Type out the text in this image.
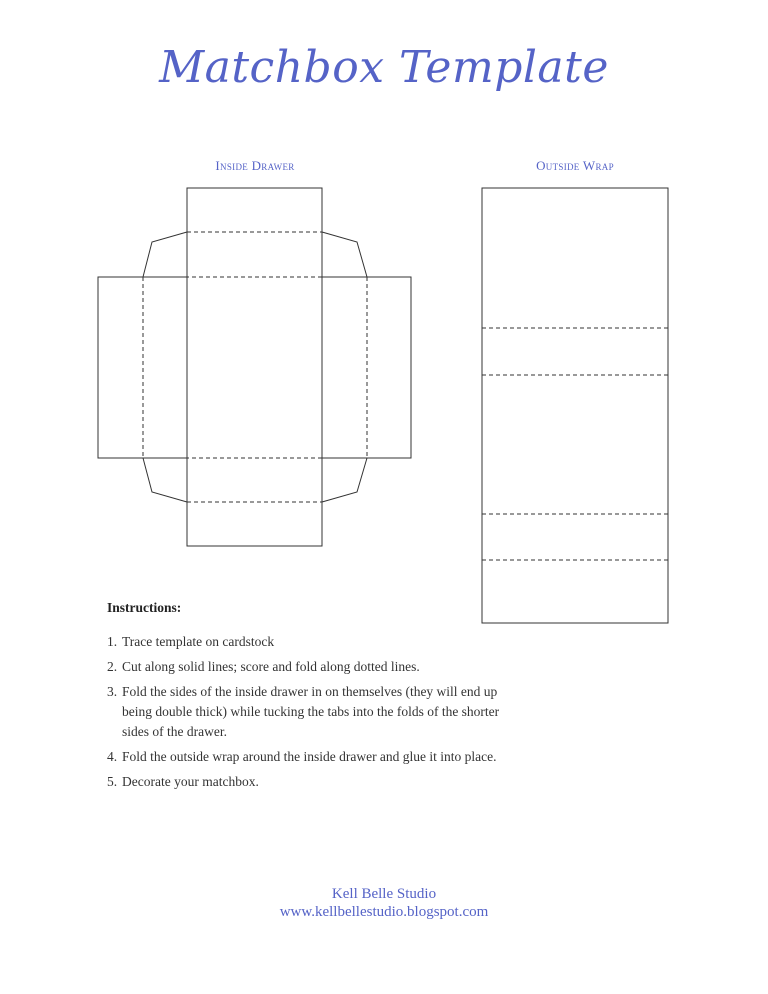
Matchbox Template
Inside Drawer	Outside Wrap
Instructions:
1. Trace template on cardstock
2. Cut along solid lines; score and fold along dotted lines.
3. Fold the sides of the inside drawer in on themselves (they will end up being double thick) while tucking the tabs into the folds of the shorter sides of the drawer.
4. Fold the outside wrap around the inside drawer and glue it into place.
5. Decorate your matchbox.
Kell Belle Studio
www.kellbellestudio.blogspot.com
